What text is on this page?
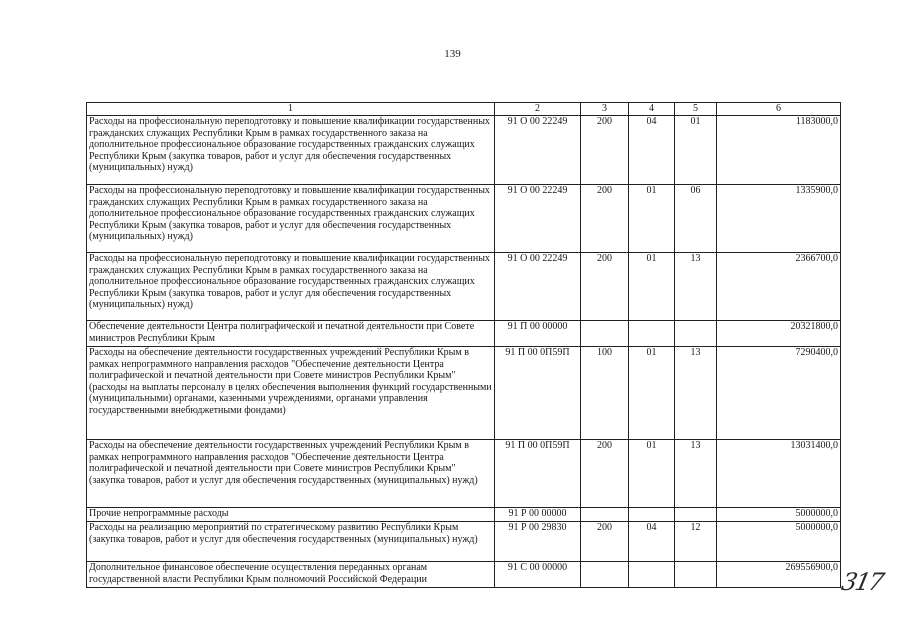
139
1	2	3	4	5	6
Расходы на профессиональную переподготовку и повышение квалификации государственных гражданских служащих Республики Крым в рамках государственного заказа на дополнительное профессиональное образование государственных гражданских служащих Республики Крым (закупка товаров, работ и услуг для обеспечения государственных (муниципальных) нужд)	91 О 00 22249	200	04	01	1183000,0
Расходы на профессиональную переподготовку и повышение квалификации государственных гражданских служащих Республики Крым в рамках государственного заказа на дополнительное профессиональное образование государственных гражданских служащих Республики Крым (закупка товаров, работ и услуг для обеспечения государственных (муниципальных) нужд)	91 О 00 22249	200	01	06	1335900,0
Расходы на профессиональную переподготовку и повышение квалификации государственных гражданских служащих Республики Крым в рамках государственного заказа на дополнительное профессиональное образование государственных гражданских служащих Республики Крым (закупка товаров, работ и услуг для обеспечения государственных (муниципальных) нужд)	91 О 00 22249	200	01	13	2366700,0
Обеспечение деятельности Центра полиграфической и печатной деятельности при Совете министров Республики Крым	91 П 00 00000				20321800,0
Расходы на обеспечение деятельности государственных учреждений Республики Крым в рамках непрограммного направления расходов "Обеспечение деятельности Центра полиграфической и печатной деятельности при Совете министров Республики Крым" (расходы на выплаты персоналу в целях обеспечения выполнения функций государственными (муниципальными) органами, казенными учреждениями, органами управления государственными внебюджетными фондами)	91 П 00 0П59П	100	01	13	7290400,0
Расходы на обеспечение деятельности государственных учреждений Республики Крым в рамках непрограммного направления расходов "Обеспечение деятельности Центра полиграфической и печатной деятельности при Совете министров Республики Крым" (закупка товаров, работ и услуг для обеспечения государственных (муниципальных) нужд)	91 П 00 0П59П	200	01	13	13031400,0
Прочие непрограммные расходы	91 Р 00 00000				5000000,0
Расходы на реализацию мероприятий по стратегическому развитию Республики Крым (закупка товаров, работ и услуг для обеспечения государственных (муниципальных) нужд)	91 Р 00 29830	200	04	12	5000000,0
Дополнительное финансовое обеспечение осуществления переданных органам государственной власти Республики Крым полномочий Российской Федерации	91 С 00 00000				269556900,0
317
